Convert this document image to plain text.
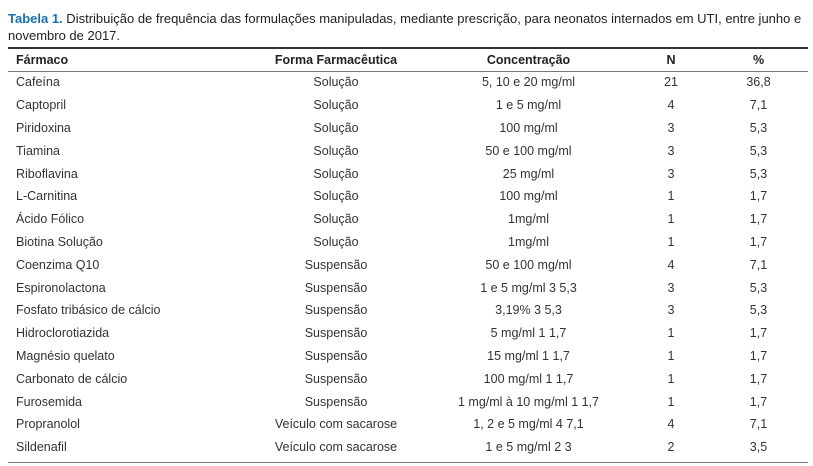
Tabela 1. Distribuição de frequência das formulações manipuladas, mediante prescrição, para neonatos internados em UTI, entre junho e novembro de 2017.
Fármaco	Forma Farmacêutica	Concentração	N	%
Cafeína	Solução	5, 10 e 20 mg/ml	21	36,8
Captopril	Solução	1 e 5 mg/ml	4	7,1
Piridoxina	Solução	100 mg/ml	3	5,3
Tiamina	Solução	50 e 100 mg/ml	3	5,3
Riboflavina	Solução	25 mg/ml	3	5,3
L-Carnitina	Solução	100 mg/ml	1	1,7
Ácido Fólico	Solução	1mg/ml	1	1,7
Biotina Solução	Solução	1mg/ml	1	1,7
Coenzima Q10	Suspensão	50 e 100 mg/ml	4	7,1
Espironolactona	Suspensão	1 e 5 mg/ml 3 5,3	3	5,3
Fosfato tribásico de cálcio	Suspensão	3,19% 3 5,3	3	5,3
Hidroclorotiazida	Suspensão	5 mg/ml 1 1,7	1	1,7
Magnésio quelato	Suspensão	15 mg/ml 1 1,7	1	1,7
Carbonato de cálcio	Suspensão	100 mg/ml 1 1,7	1	1,7
Furosemida	Suspensão	1 mg/ml à 10 mg/ml 1 1,7	1	1,7
Propranolol	Veículo com sacarose	1, 2 e 5 mg/ml 4 7,1	4	7,1
Sildenafil	Veículo com sacarose	1 e 5 mg/ml 2 3	2	3,5
